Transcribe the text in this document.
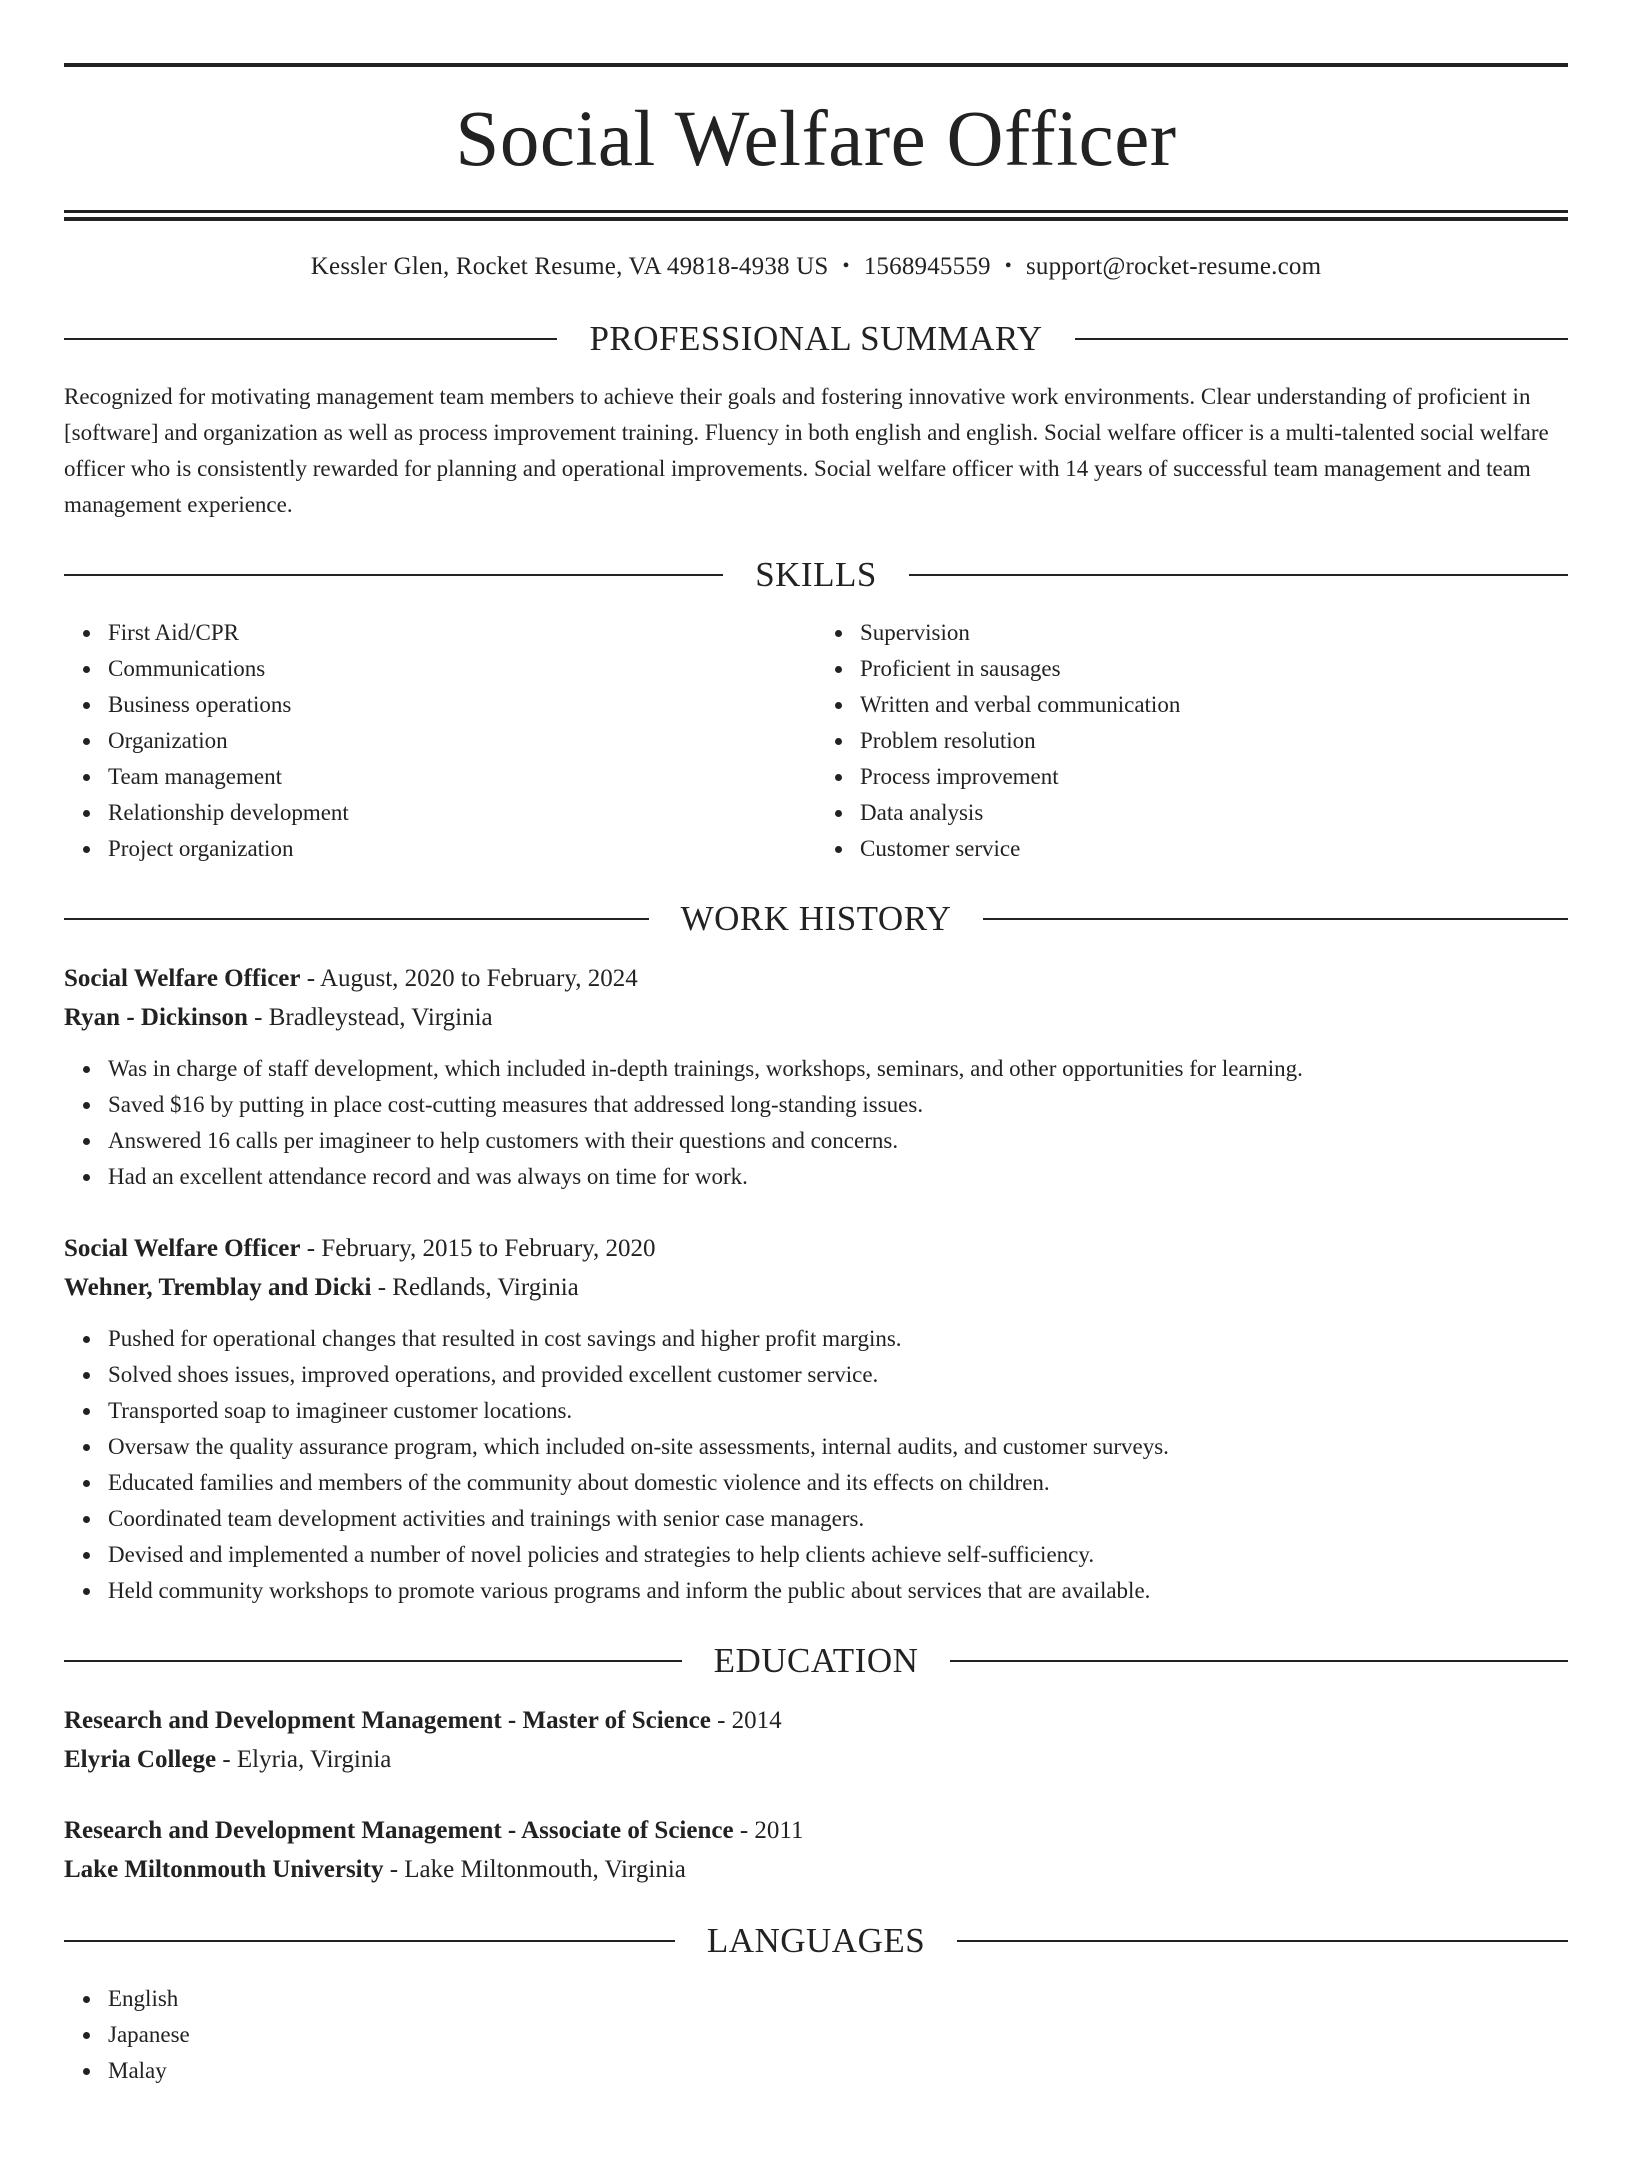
Social Welfare Officer
Kessler Glen, Rocket Resume, VA 49818-4938 US • 1568945559 • support@rocket-resume.com
PROFESSIONAL SUMMARY
Recognized for motivating management team members to achieve their goals and fostering innovative work environments. Clear understanding of proficient in [software] and organization as well as process improvement training. Fluency in both english and english. Social welfare officer is a multi-talented social welfare officer who is consistently rewarded for planning and operational improvements. Social welfare officer with 14 years of successful team management and team management experience.
SKILLS
First Aid/CPR
Communications
Business operations
Organization
Team management
Relationship development
Project organization
Supervision
Proficient in sausages
Written and verbal communication
Problem resolution
Process improvement
Data analysis
Customer service
WORK HISTORY
Social Welfare Officer - August, 2020 to February, 2024
Ryan - Dickinson - Bradleystead, Virginia
Was in charge of staff development, which included in-depth trainings, workshops, seminars, and other opportunities for learning.
Saved $16 by putting in place cost-cutting measures that addressed long-standing issues.
Answered 16 calls per imagineer to help customers with their questions and concerns.
Had an excellent attendance record and was always on time for work.
Social Welfare Officer - February, 2015 to February, 2020
Wehner, Tremblay and Dicki - Redlands, Virginia
Pushed for operational changes that resulted in cost savings and higher profit margins.
Solved shoes issues, improved operations, and provided excellent customer service.
Transported soap to imagineer customer locations.
Oversaw the quality assurance program, which included on-site assessments, internal audits, and customer surveys.
Educated families and members of the community about domestic violence and its effects on children.
Coordinated team development activities and trainings with senior case managers.
Devised and implemented a number of novel policies and strategies to help clients achieve self-sufficiency.
Held community workshops to promote various programs and inform the public about services that are available.
EDUCATION
Research and Development Management - Master of Science - 2014
Elyria College - Elyria, Virginia
Research and Development Management - Associate of Science - 2011
Lake Miltonmouth University - Lake Miltonmouth, Virginia
LANGUAGES
English
Japanese
Malay
